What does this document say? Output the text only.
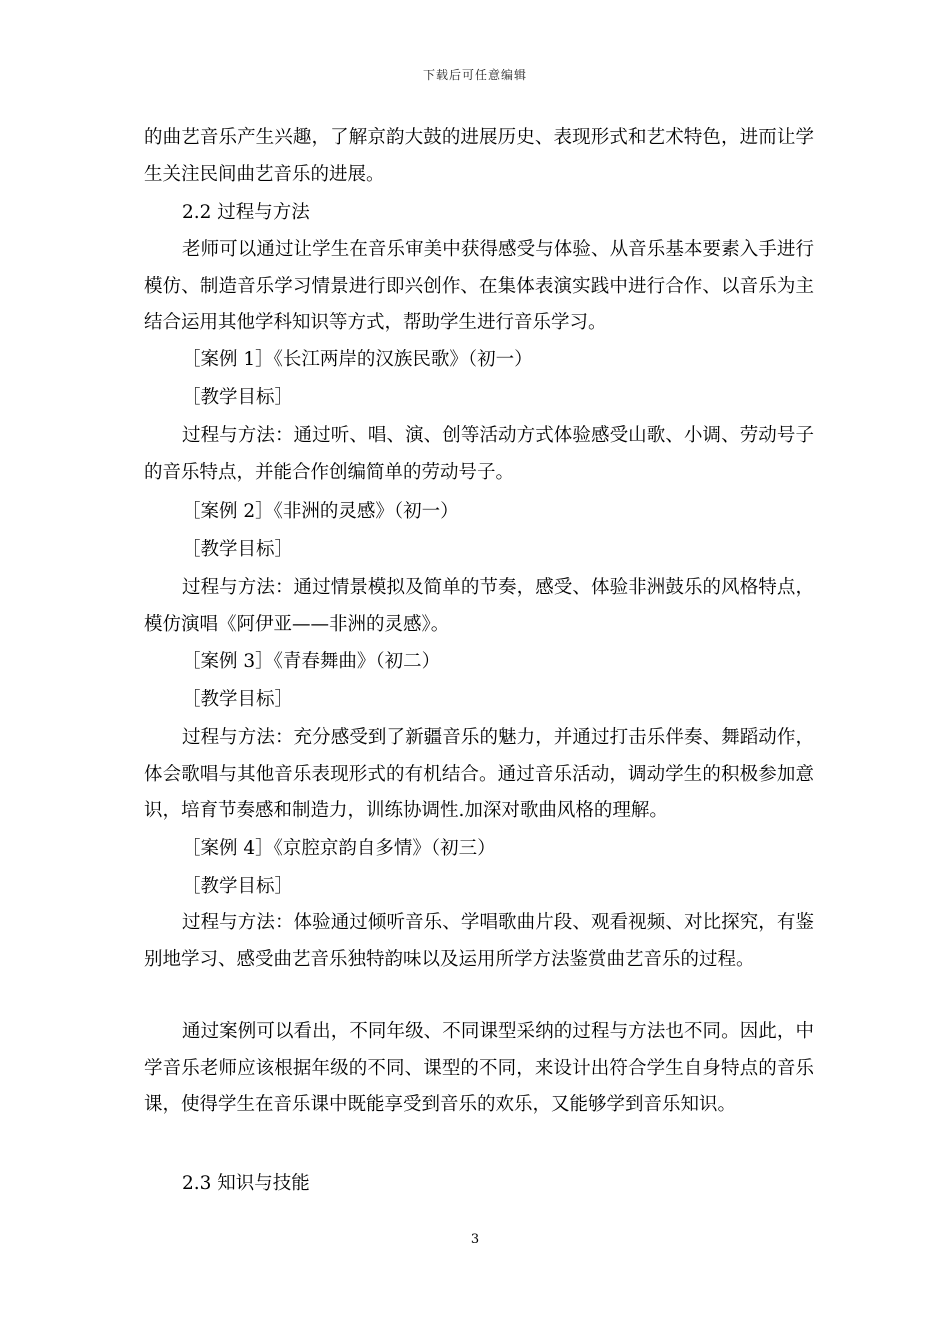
下载后可任意编辑
的曲艺音乐产生兴趣，了解京韵大鼓的进展历史、表现形式和艺术特色，进而让学生关注民间曲艺音乐的进展。
2.2 过程与方法
老师可以通过让学生在音乐审美中获得感受与体验、从音乐基本要素入手进行模仿、制造音乐学习情景进行即兴创作、在集体表演实践中进行合作、以音乐为主结合运用其他学科知识等方式，帮助学生进行音乐学习。
［案例 1］《长江两岸的汉族民歌》（初一）
［教学目标］
过程与方法：通过听、唱、演、创等活动方式体验感受山歌、小调、劳动号子的音乐特点，并能合作创编简单的劳动号子。
［案例 2］《非洲的灵感》（初一）
［教学目标］
过程与方法：通过情景模拟及简单的节奏，感受、体验非洲鼓乐的风格特点，模仿演唱《阿伊亚——非洲的灵感》。
［案例 3］《青春舞曲》（初二）
［教学目标］
过程与方法：充分感受到了新疆音乐的魅力，并通过打击乐伴奏、舞蹈动作，体会歌唱与其他音乐表现形式的有机结合。通过音乐活动，调动学生的积极参加意识，培育节奏感和制造力，训练协调性.加深对歌曲风格的理解。
［案例 4］《京腔京韵自多情》（初三）
［教学目标］
过程与方法：体验通过倾听音乐、学唱歌曲片段、观看视频、对比探究，有鉴别地学习、感受曲艺音乐独特韵味以及运用所学方法鉴赏曲艺音乐的过程。
通过案例可以看出，不同年级、不同课型采纳的过程与方法也不同。因此，中学音乐老师应该根据年级的不同、课型的不同，来设计出符合学生自身特点的音乐课，使得学生在音乐课中既能享受到音乐的欢乐，又能够学到音乐知识。
2.3 知识与技能
3
